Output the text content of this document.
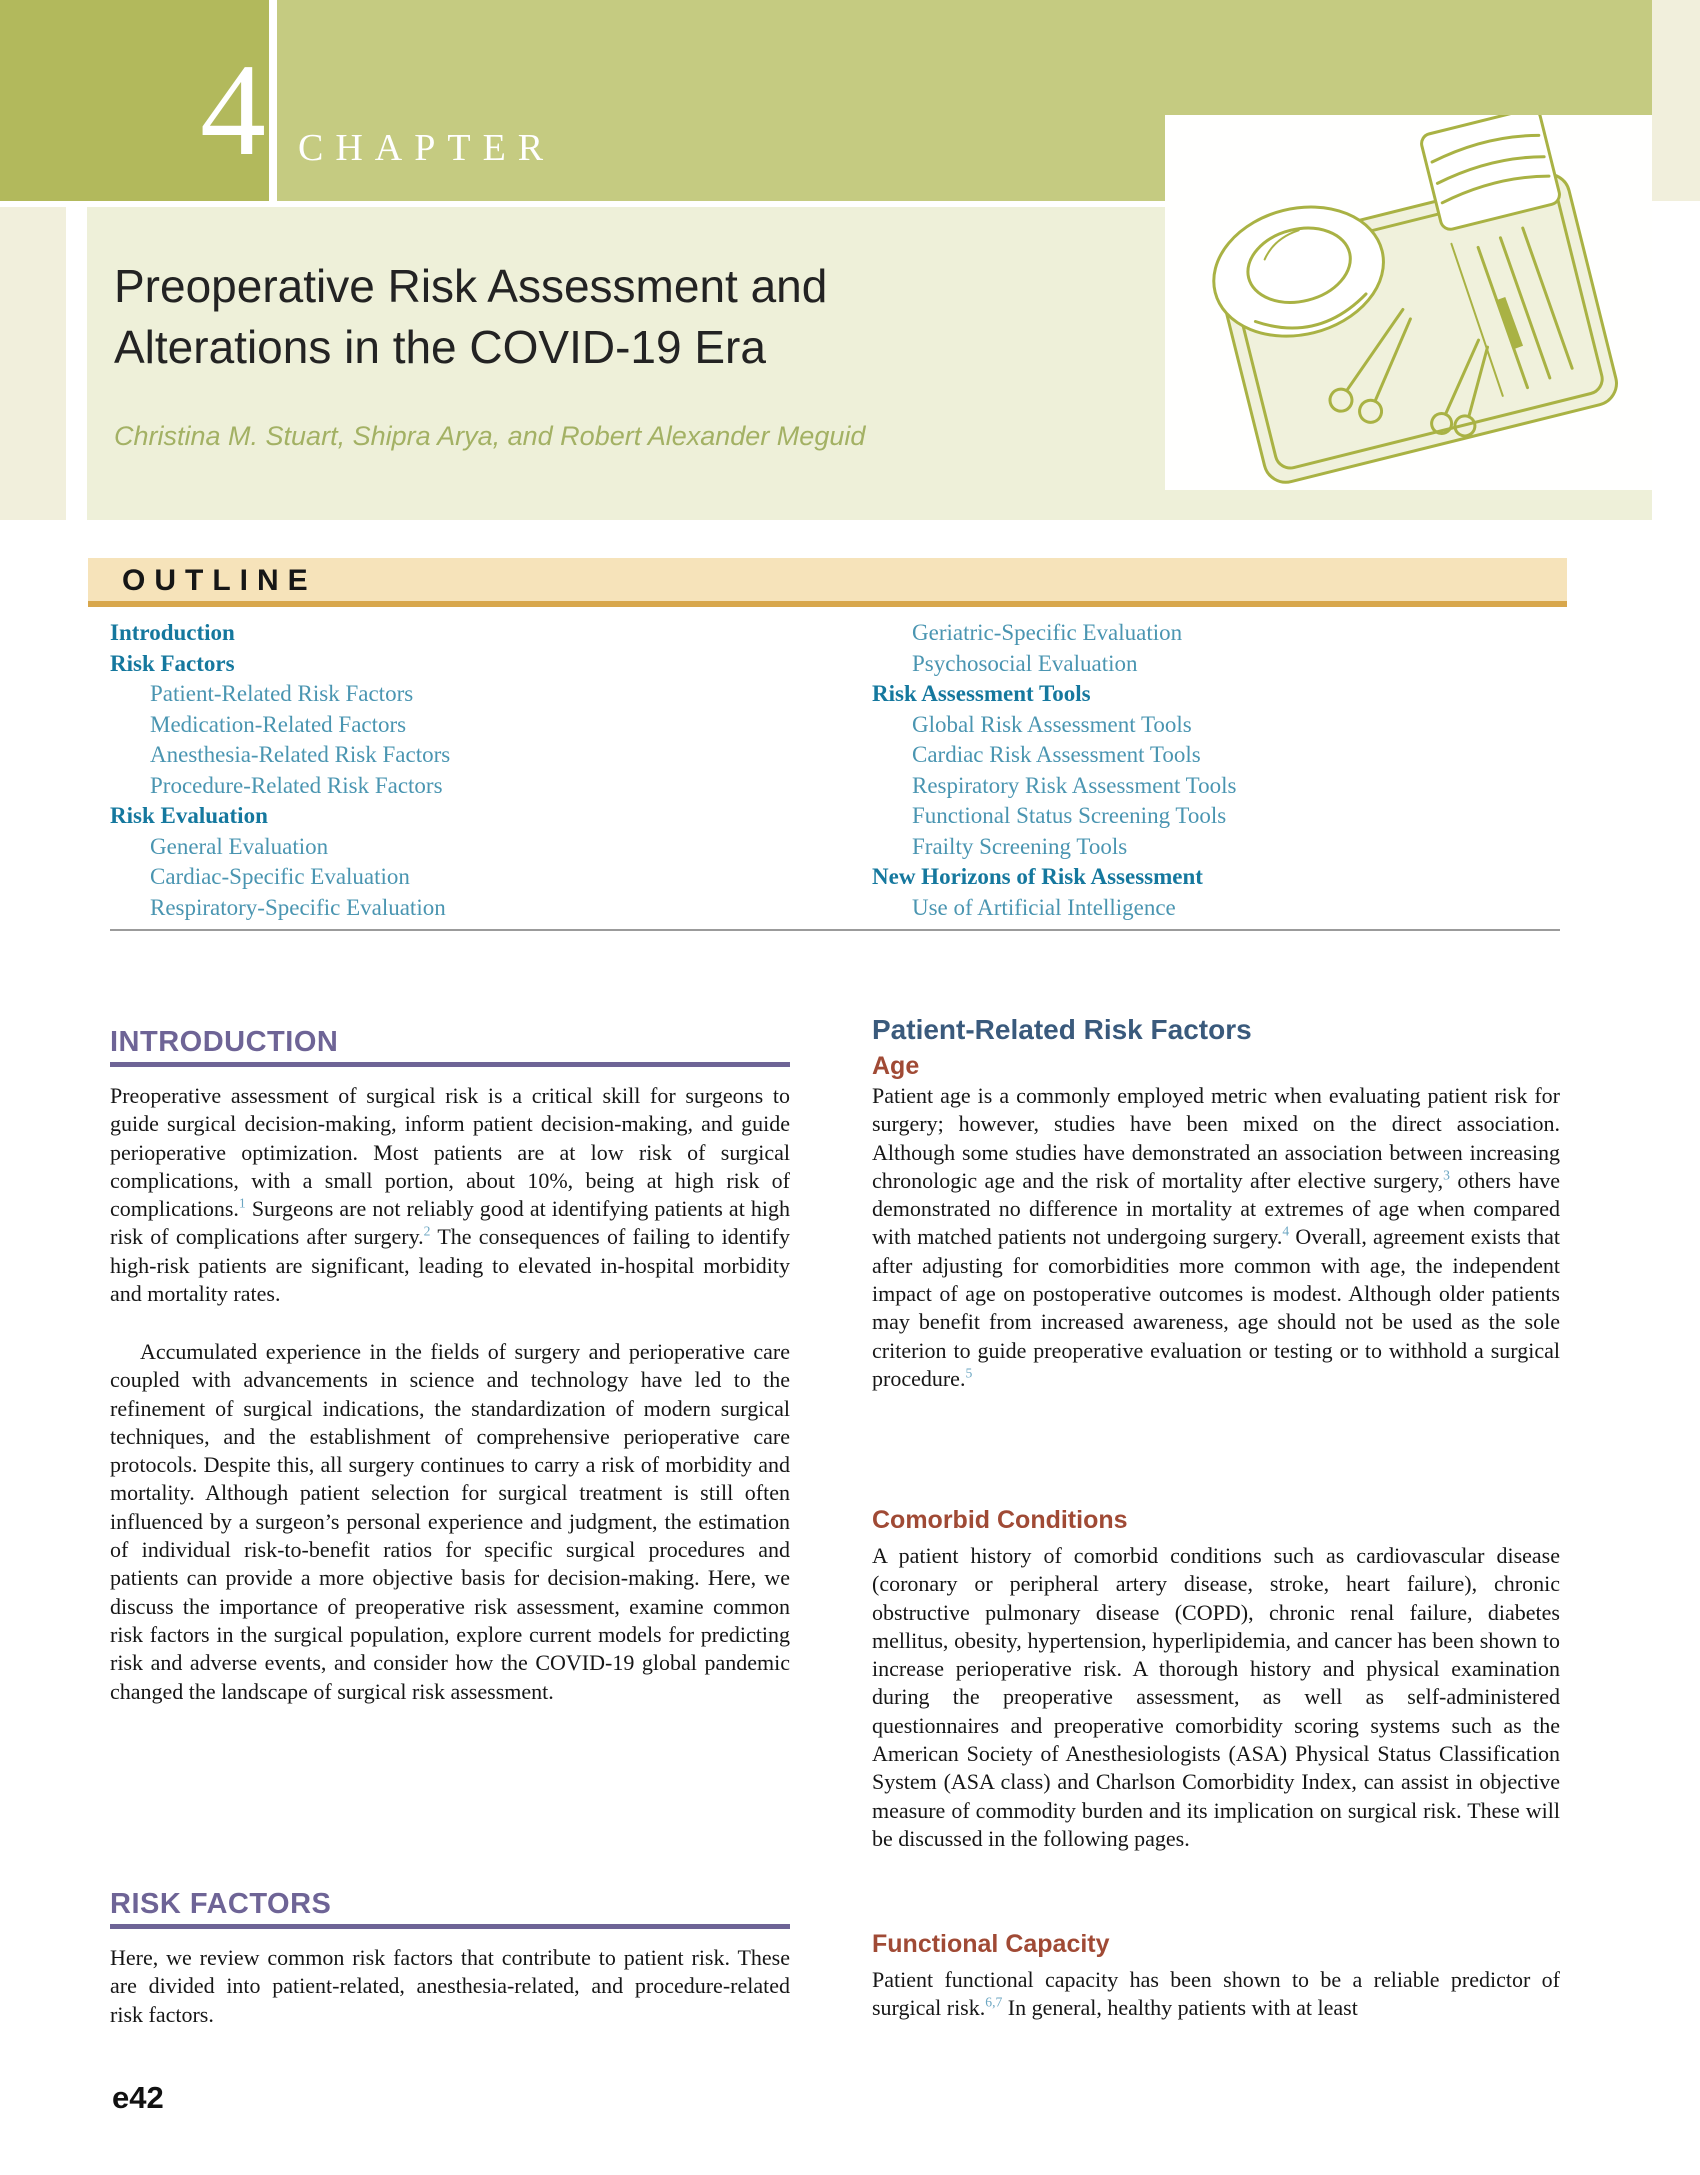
4 CHAPTER
Preoperative Risk Assessment and
Alterations in the COVID-19 Era
Christina M. Stuart, Shipra Arya, and Robert Alexander Meguid
OUTLINE
Introduction
Risk Factors
Patient-Related Risk Factors
Medication-Related Factors
Anesthesia-Related Risk Factors
Procedure-Related Risk Factors
Risk Evaluation
General Evaluation
Cardiac-Specific Evaluation
Respiratory-Specific Evaluation
Geriatric-Specific Evaluation
Psychosocial Evaluation
Risk Assessment Tools
Global Risk Assessment Tools
Cardiac Risk Assessment Tools
Respiratory Risk Assessment Tools
Functional Status Screening Tools
Frailty Screening Tools
New Horizons of Risk Assessment
Use of Artificial Intelligence
INTRODUCTION
Preoperative assessment of surgical risk is a critical skill for surgeons to guide surgical decision-making, inform patient decision-making, and guide perioperative optimization. Most patients are at low risk of surgical complications, with a small portion, about 10%, being at high risk of complications.$^1$ Surgeons are not reliably good at identifying patients at high risk of complications after surgery.$^2$ The consequences of failing to identify high-risk patients are significant, leading to elevated in-hospital morbidity and mortality rates.
Accumulated experience in the fields of surgery and perioperative care coupled with advancements in science and technology have led to the refinement of surgical indications, the standardization of modern surgical techniques, and the establishment of comprehensive perioperative care protocols. Despite this, all surgery continues to carry a risk of morbidity and mortality. Although patient selection for surgical treatment is still often influenced by a surgeon’s personal experience and judgment, the estimation of individual risk-to-benefit ratios for specific surgical procedures and patients can provide a more objective basis for decision-making. Here, we discuss the importance of preoperative risk assessment, examine common risk factors in the surgical population, explore current models for predicting risk and adverse events, and consider how the COVID-19 global pandemic changed the landscape of surgical risk assessment.
RISK FACTORS
Here, we review common risk factors that contribute to patient risk. These are divided into patient-related, anesthesia-related, and procedure-related risk factors.
Patient-Related Risk Factors
Age
Patient age is a commonly employed metric when evaluating patient risk for surgery; however, studies have been mixed on the direct association. Although some studies have demonstrated an association between increasing chronologic age and the risk of mortality after elective surgery,$^3$ others have demonstrated no difference in mortality at extremes of age when compared with matched patients not undergoing surgery.$^4$ Overall, agreement exists that after adjusting for comorbidities more common with age, the independent impact of age on postoperative outcomes is modest. Although older patients may benefit from increased awareness, age should not be used as the sole criterion to guide preoperative evaluation or testing or to withhold a surgical procedure.$^5$
Comorbid Conditions
A patient history of comorbid conditions such as cardiovascular disease (coronary or peripheral artery disease, stroke, heart failure), chronic obstructive pulmonary disease (COPD), chronic renal failure, diabetes mellitus, obesity, hypertension, hyperlipidemia, and cancer has been shown to increase perioperative risk. A thorough history and physical examination during the preoperative assessment, as well as self-administered questionnaires and preoperative comorbidity scoring systems such as the American Society of Anesthesiologists (ASA) Physical Status Classification System (ASA class) and Charlson Comorbidity Index, can assist in objective measure of commodity burden and its implication on surgical risk. These will be discussed in the following pages.
Functional Capacity
Patient functional capacity has been shown to be a reliable predictor of surgical risk.$^{6,7}$ In general, healthy patients with at least
e42
